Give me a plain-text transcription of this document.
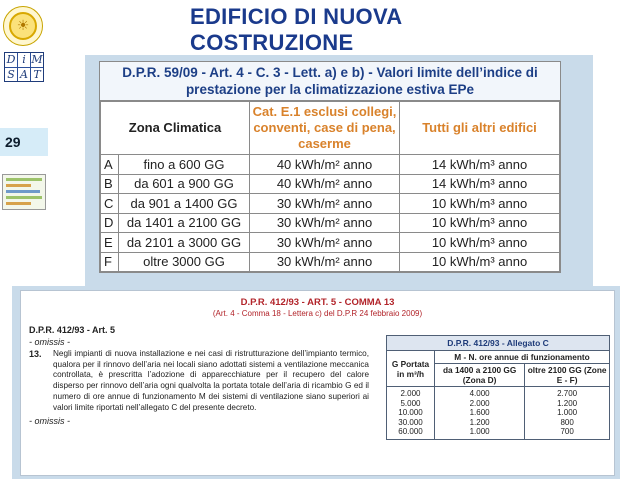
☀
D i M
S A T
29
EDIFICIO DI NUOVA
COSTRUZIONE
D.P.R. 59/09 - Art. 4 - C. 3 - Lett. a) e b) - Valori limite dell’indice di
prestazione per la climatizzazione estiva EPe
Zona Climatica		Cat. E.1 esclusi collegi, conventi, case di pena, caserme	Tutti gli altri edifici
A	fino a 600 GG	40 kWh/m² anno	14 kWh/m³ anno
B	da 601 a 900 GG	40 kWh/m² anno	14 kWh/m³ anno
C	da 901 a 1400 GG	30 kWh/m² anno	10 kWh/m³ anno
D	da 1401 a 2100 GG	30 kWh/m² anno	10 kWh/m³ anno
E	da 2101 a 3000 GG	30 kWh/m² anno	10 kWh/m³ anno
F	oltre 3000 GG	30 kWh/m² anno	10 kWh/m³ anno
D.P.R. 412/93 - ART. 5 - COMMA 13
(Art. 4 - Comma 18 - Lettera c) del D.P.R 24 febbraio 2009)
D.P.R. 412/93 - Art. 5
- omissis -
13.	Negli impianti di nuova installazione e nei casi di ristrutturazione dell’impianto termico, qualora per il rinnovo dell’aria nei locali siano adottati sistemi a ventilazione meccanica controllata, è prescritta l’adozione di apparecchiature per il recupero del calore disperso per rinnovo dell’aria ogni qualvolta la portata totale dell’aria di ricambio G ed il numero di ore annue di funzionamento M dei sistemi di ventilazione siano superiori ai valori limite riportati nell’allegato C del presente decreto.
- omissis -
D.P.R. 412/93 - Allegato C		
G Portata in m³/h	M - N. ore annue di funzionamento	
	da 1400 a 2100 GG (Zona D)	oltre 2100 GG (Zone E - F)
2.000	4.000	2.700
5.000	2.000	1.200
10.000	1.600	1.000
30.000	1.200	800
60.000	1.000	700
